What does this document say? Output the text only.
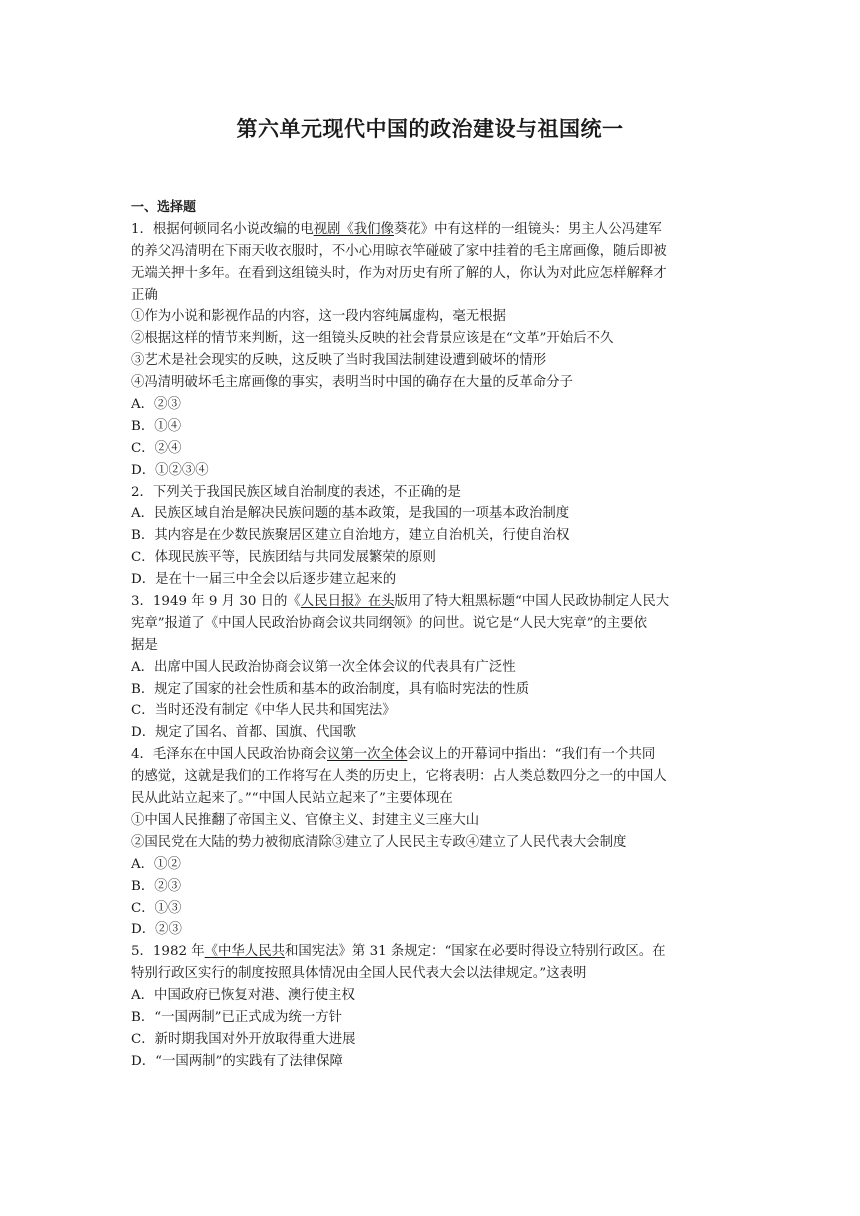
第六单元现代中国的政治建设与祖国统一
一、选择题
1．根据何顿同名小说改编的电视剧《我们像葵花》中有这样的一组镜头：男主人公冯建军
的养父冯清明在下雨天收衣服时，不小心用晾衣竿碰破了家中挂着的毛主席画像，随后即被
无端关押十多年。在看到这组镜头时，作为对历史有所了解的人，你认为对此应怎样解释才
正确
①作为小说和影视作品的内容，这一段内容纯属虚构，毫无根据
②根据这样的情节来判断，这一组镜头反映的社会背景应该是在“文革”开始后不久
③艺术是社会现实的反映，这反映了当时我国法制建设遭到破坏的情形
④冯清明破坏毛主席画像的事实，表明当时中国的确存在大量的反革命分子
A．②③
B．①④
C．②④
D．①②③④
2．下列关于我国民族区域自治制度的表述，不正确的是
A．民族区域自治是解决民族问题的基本政策，是我国的一项基本政治制度
B．其内容是在少数民族聚居区建立自治地方，建立自治机关，行使自治权
C．体现民族平等，民族团结与共同发展繁荣的原则
D．是在十一届三中全会以后逐步建立起来的
3．1949 年 9 月 30 日的《人民日报》在头版用了特大粗黑标题“中国人民政协制定人民大
宪章”报道了《中国人民政治协商会议共同纲领》的问世。说它是“人民大宪章”的主要依
据是
A．出席中国人民政治协商会议第一次全体会议的代表具有广泛性
B．规定了国家的社会性质和基本的政治制度，具有临时宪法的性质
C．当时还没有制定《中华人民共和国宪法》
D．规定了国名、首都、国旗、代国歌
4．毛泽东在中国人民政治协商会议第一次全体会议上的开幕词中指出：“我们有一个共同
的感觉，这就是我们的工作将写在人类的历史上，它将表明：占人类总数四分之一的中国人
民从此站立起来了。”“中国人民站立起来了”主要体现在
①中国人民推翻了帝国主义、官僚主义、封建主义三座大山
②国民党在大陆的势力被彻底清除③建立了人民民主专政④建立了人民代表大会制度
A．①②
B．②③
C．①③
D．②③
5．1982 年《中华人民共和国宪法》第 31 条规定：“国家在必要时得设立特别行政区。在
特别行政区实行的制度按照具体情况由全国人民代表大会以法律规定。”这表明
A．中国政府已恢复对港、澳行使主权
B．“一国两制”已正式成为统一方针
C．新时期我国对外开放取得重大进展
D．“一国两制”的实践有了法律保障
